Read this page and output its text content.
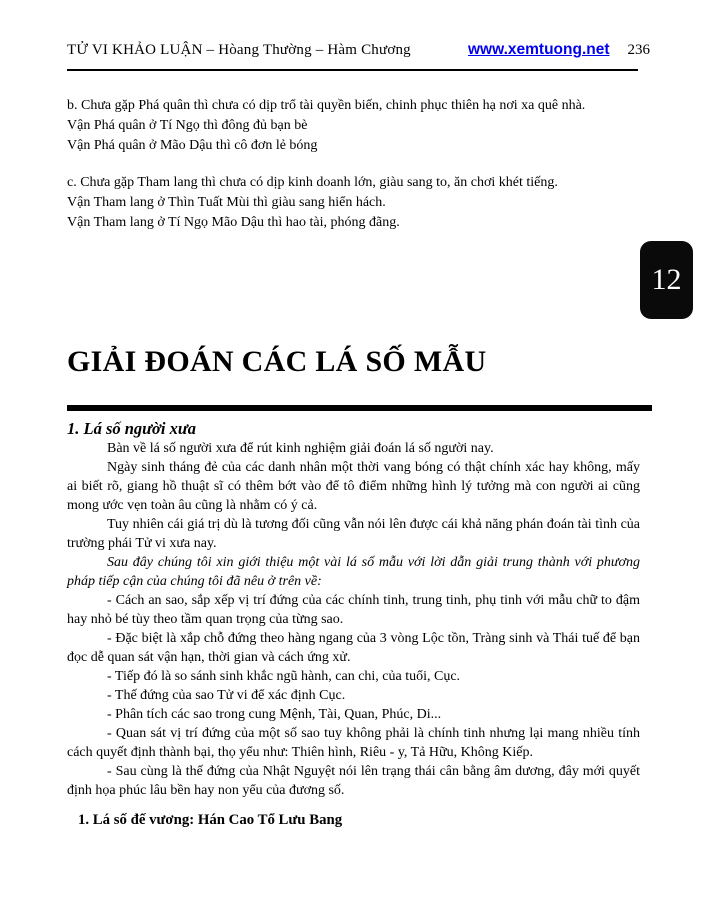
TỬ VI KHẢO LUẬN – Hòang Thường – Hàm Chương	www.xemtuong.net 236
b. Chưa gặp Phá quân thì chưa có dịp trổ tài quyền biến, chinh phục thiên hạ nơi xa quê nhà.
Vận Phá quân ở Tí Ngọ thì đông đủ bạn bè
Vận Phá quân ở Mão Dậu thì cô đơn lẻ bóng
c. Chưa gặp Tham lang thì chưa có dịp kinh doanh lớn, giàu sang to, ăn chơi khét tiếng.
Vận Tham lang ở Thìn Tuất Mùi thì giàu sang hiển hách.
Vận Tham lang ở Tí Ngọ Mão Dậu thì hao tài, phóng đãng.
GIẢI ĐOÁN CÁC LÁ SỐ MẪU
1. Lá số người xưa

Bàn về lá số người xưa để rút kinh nghiệm giải đoán lá số người nay.

Ngày sinh tháng đẻ của các danh nhân một thời vang bóng có thật chính xác hay không, mấy ai biết rõ, giang hồ thuật sĩ có thêm bớt vào để tô điểm những hình lý tưởng mà con người ai cũng mong ước vẹn toàn âu cũng là nhằm có ý cả.

Tuy nhiên cái giá trị dù là tương đối cũng vẫn nói lên được cái khả năng phán đoán tài tình của trường phái Tử vi xưa nay.

Sau đây chúng tôi xin giới thiệu một vài lá số mẫu với lời dẫn giải trung thành với phương pháp tiếp cận của chúng tôi đã nêu ở trên về:

- Cách an sao, sắp xếp vị trí đứng của các chính tinh, trung tinh, phụ tinh với mẫu chữ to đậm hay nhỏ bé tùy theo tầm quan trọng của từng sao.

- Đặc biệt là xắp chỗ đứng theo hàng ngang của 3 vòng Lộc tồn, Tràng sinh và Thái tuế để bạn đọc dễ quan sát vận hạn, thời gian và cách ứng xử.

- Tiếp đó là so sánh sinh khắc ngũ hành, can chi, của tuổi, Cục.

- Thế đứng của sao Tử vi để xác định Cục.

- Phân tích các sao trong cung Mệnh, Tài, Quan, Phúc, Di...

- Quan sát vị trí đứng của một số sao tuy không phải là chính tinh nhưng lại mang nhiều tính cách quyết định thành bại, thọ yểu như: Thiên hình, Riêu - y, Tả Hữu, Không Kiếp.

- Sau cùng là thế đứng của Nhật Nguyệt nói lên trạng thái cân bằng âm dương, đây mới quyết định họa phúc lâu bền hay non yểu của đương số.

1. Lá số đế vương: Hán Cao Tổ Lưu Bang
12
